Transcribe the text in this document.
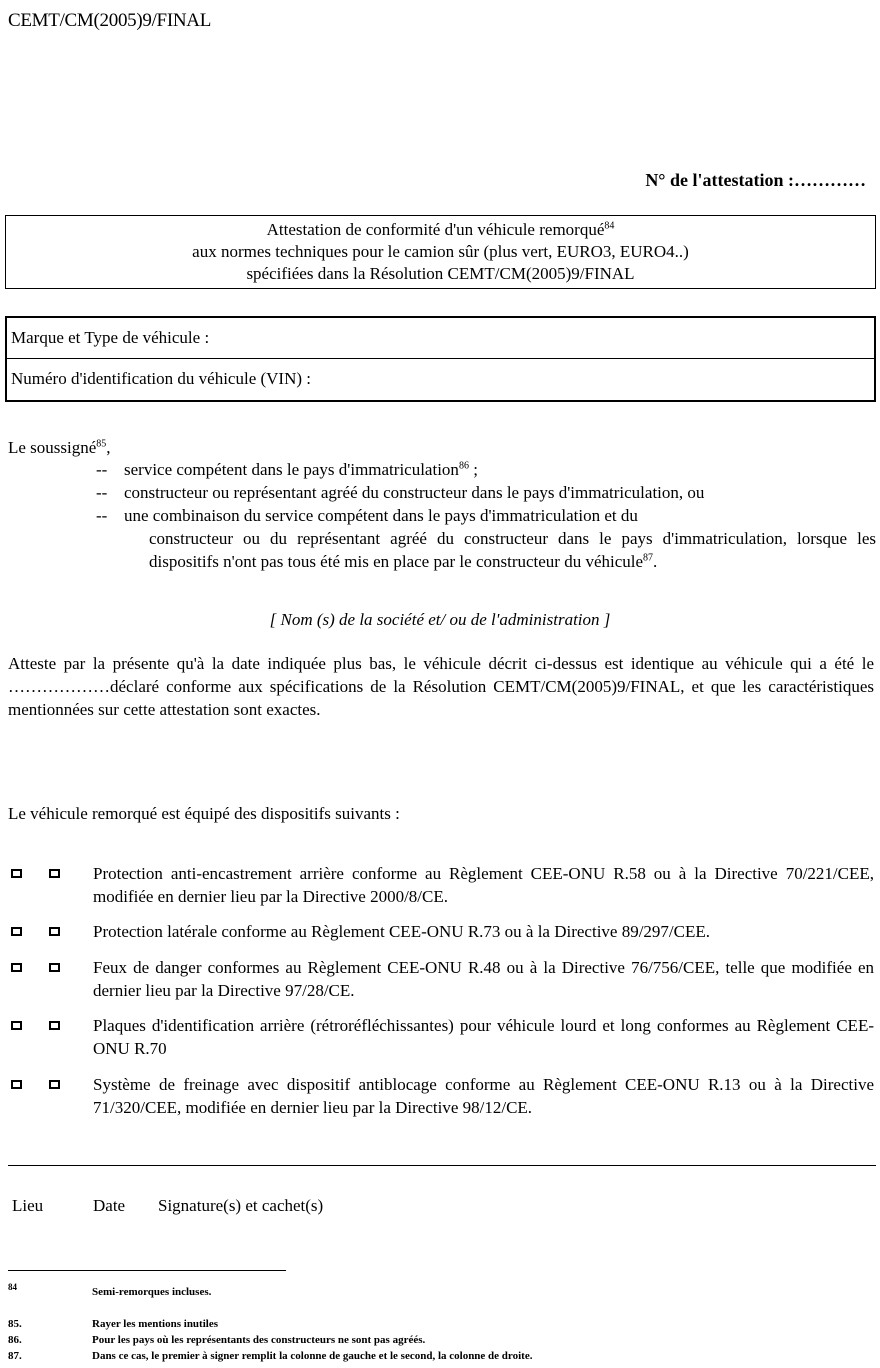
CEMT/CM(2005)9/FINAL
N° de l'attestation :…………
Attestation de conformité d'un véhicule remorqué$^{84}$
aux normes techniques pour le camion sûr (plus vert, EURO3, EURO4..)
spécifiées dans la Résolution CEMT/CM(2005)9/FINAL
Marque et Type de véhicule :
Numéro d'identification du véhicule (VIN) :
Le soussigné$^{85}$,
-- service compétent dans le pays d'immatriculation$^{86}$ ;
-- constructeur ou représentant agréé du constructeur dans le pays d'immatriculation, ou
-- une combinaison du service compétent dans le pays d'immatriculation et du
constructeur ou du représentant agréé du constructeur dans le pays d'immatriculation, lorsque les dispositifs n'ont pas tous été mis en place par le constructeur du véhicule$^{87}$.
[ Nom (s) de la société et/ ou de l'administration ]
Atteste par la présente qu'à la date indiquée plus bas, le véhicule décrit ci-dessus est identique au véhicule qui a été le ………………déclaré conforme aux spécifications de la Résolution CEMT/CM(2005)9/FINAL, et que les caractéristiques mentionnées sur cette attestation sont exactes.
Le véhicule remorqué est équipé des dispositifs suivants :
Protection anti-encastrement arrière conforme au Règlement CEE-ONU R.58 ou à la Directive 70/221/CEE, modifiée en dernier lieu par la Directive 2000/8/CE.
Protection latérale conforme au Règlement CEE-ONU R.73 ou à la Directive 89/297/CEE.
Feux de danger conformes au Règlement CEE-ONU R.48 ou à la Directive 76/756/CEE, telle que modifiée en dernier lieu par la Directive 97/28/CE.
Plaques d'identification arrière (rétroréfléchissantes) pour véhicule lourd et long conformes au Règlement CEE-ONU R.70
Système de freinage avec dispositif antiblocage conforme au Règlement CEE-ONU R.13 ou à la Directive 71/320/CEE, modifiée en dernier lieu par la Directive 98/12/CE.
Lieu	Date Signature(s) et cachet(s)
84	Semi-remorques incluses.
85.	Rayer les mentions inutiles
86.	Pour les pays où les représentants des constructeurs ne sont pas agréés.
87.	Dans ce cas, le premier à signer remplit la colonne de gauche et le second, la colonne de droite.
